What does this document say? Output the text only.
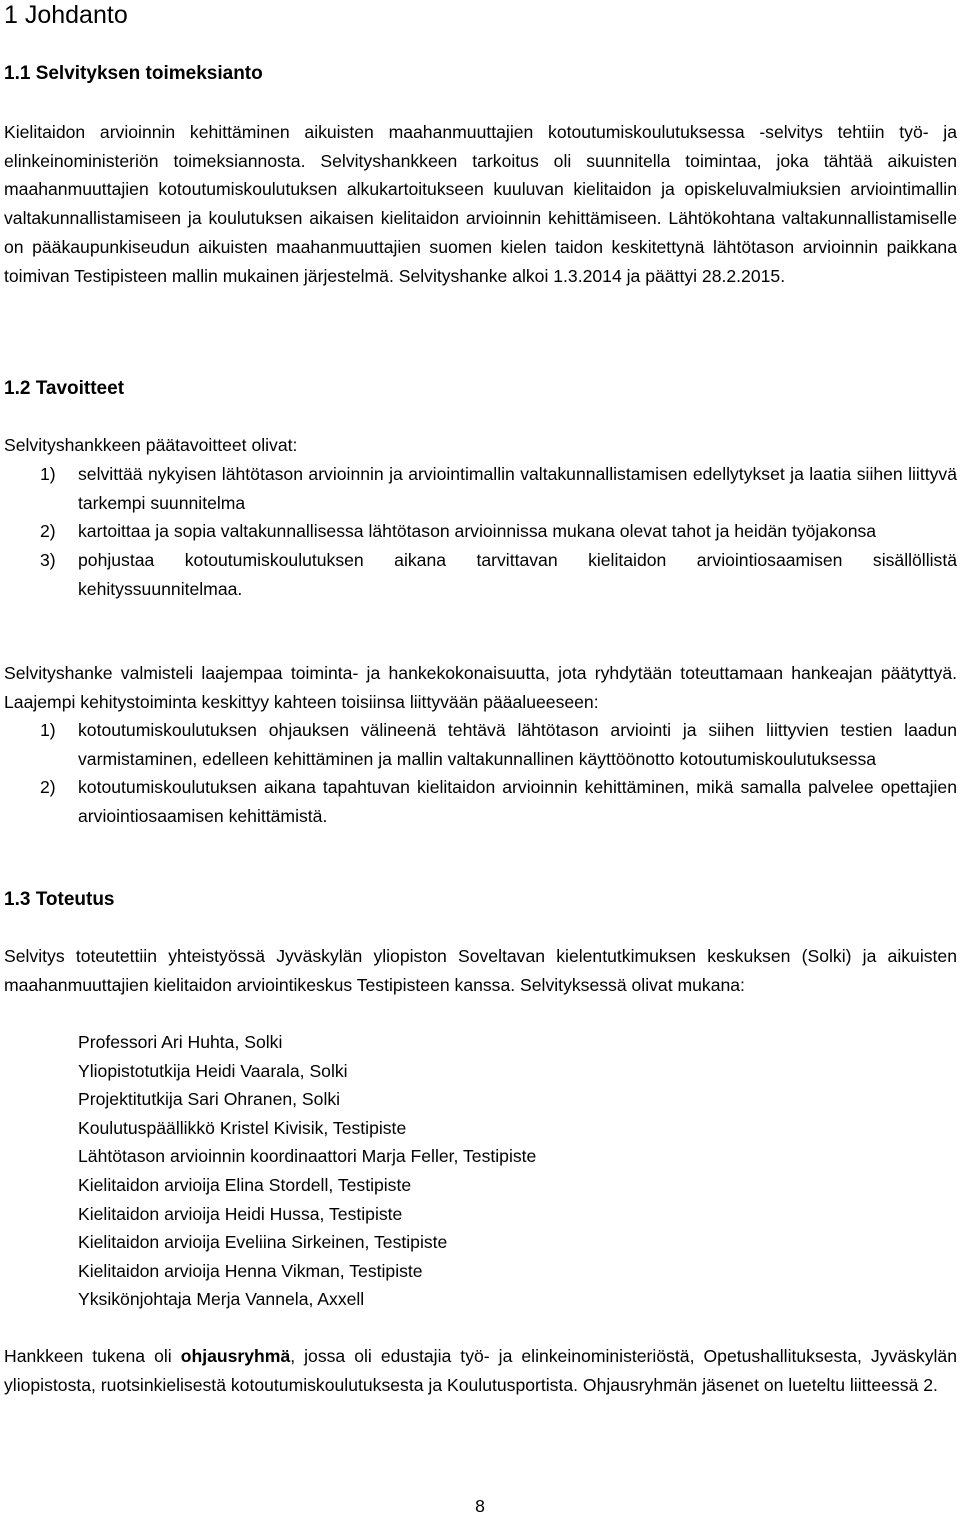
1 Johdanto
1.1 Selvityksen toimeksianto

Kielitaidon arvioinnin kehittäminen aikuisten maahanmuuttajien kotoutumiskoulutuksessa -selvitys tehtiin työ- ja elinkeinoministeriön toimeksiannosta. Selvityshankkeen tarkoitus oli suunnitella toimintaa, joka tähtää aikuisten maahanmuuttajien kotoutumiskoulutuksen alkukartoitukseen kuuluvan kielitaidon ja opiskeluvalmiuksien arviointimallin valtakunnallistamiseen ja koulutuksen aikaisen kielitaidon arvioinnin kehittämiseen. Lähtökohtana valtakunnallistamiselle on pääkaupunkiseudun aikuisten maahanmuuttajien suomen kielen taidon keskitettynä lähtötason arvioinnin paikkana toimivan Testipisteen mallin mukainen järjestelmä. Selvityshanke alkoi 1.3.2014 ja päättyi 28.2.2015.

1.2 Tavoitteet

Selvityshankkeen päätavoitteet olivat:

1) selvittää nykyisen lähtötason arvioinnin ja arviointimallin valtakunnallistamisen edellytykset ja laatia siihen liittyvä tarkempi suunnitelma
2) kartoittaa ja sopia valtakunnallisessa lähtötason arvioinnissa mukana olevat tahot ja heidän työjakonsa
3) pohjustaa kotoutumiskoulutuksen aikana tarvittavan kielitaidon arviointiosaamisen sisällöllistä kehityssuunnitelmaa.

Selvityshanke valmisteli laajempaa toiminta- ja hankekokonaisuutta, jota ryhdytään toteuttamaan hankeajan päätyttyä. Laajempi kehitystoiminta keskittyy kahteen toisiinsa liittyvään pääalueeseen:

1) kotoutumiskoulutuksen ohjauksen välineenä tehtävä lähtötason arviointi ja siihen liittyvien testien laadun varmistaminen, edelleen kehittäminen ja mallin valtakunnallinen käyttöönotto kotoutumiskoulutuksessa
2) kotoutumiskoulutuksen aikana tapahtuvan kielitaidon arvioinnin kehittäminen, mikä samalla palvelee opettajien arviointiosaamisen kehittämistä.
1.3 Toteutus

Selvitys toteutettiin yhteistyössä Jyväskylän yliopiston Soveltavan kielentutkimuksen keskuksen (Solki) ja aikuisten maahanmuuttajien kielitaidon arviointikeskus Testipisteen kanssa. Selvityksessä olivat mukana:

Professori Ari Huhta, Solki
Yliopistotutkija Heidi Vaarala, Solki
Projektitutkija Sari Ohranen, Solki
Koulutuspäällikkö Kristel Kivisik, Testipiste
Lähtötason arvioinnin koordinaattori Marja Feller, Testipiste
Kielitaidon arvioija Elina Stordell, Testipiste
Kielitaidon arvioija Heidi Hussa, Testipiste
Kielitaidon arvioija Eveliina Sirkeinen, Testipiste
Kielitaidon arvioija Henna Vikman, Testipiste
Yksikönjohtaja Merja Vannela, Axxell

Hankkeen tukena oli ohjausryhmä, jossa oli edustajia työ- ja elinkeinoministeriöstä, Opetushallituksesta, Jyväskylän yliopistosta, ruotsinkielisestä kotoutumiskoulutuksesta ja Koulutusportista. Ohjausryhmän jäsenet on lueteltu liitteessä 2.

8
